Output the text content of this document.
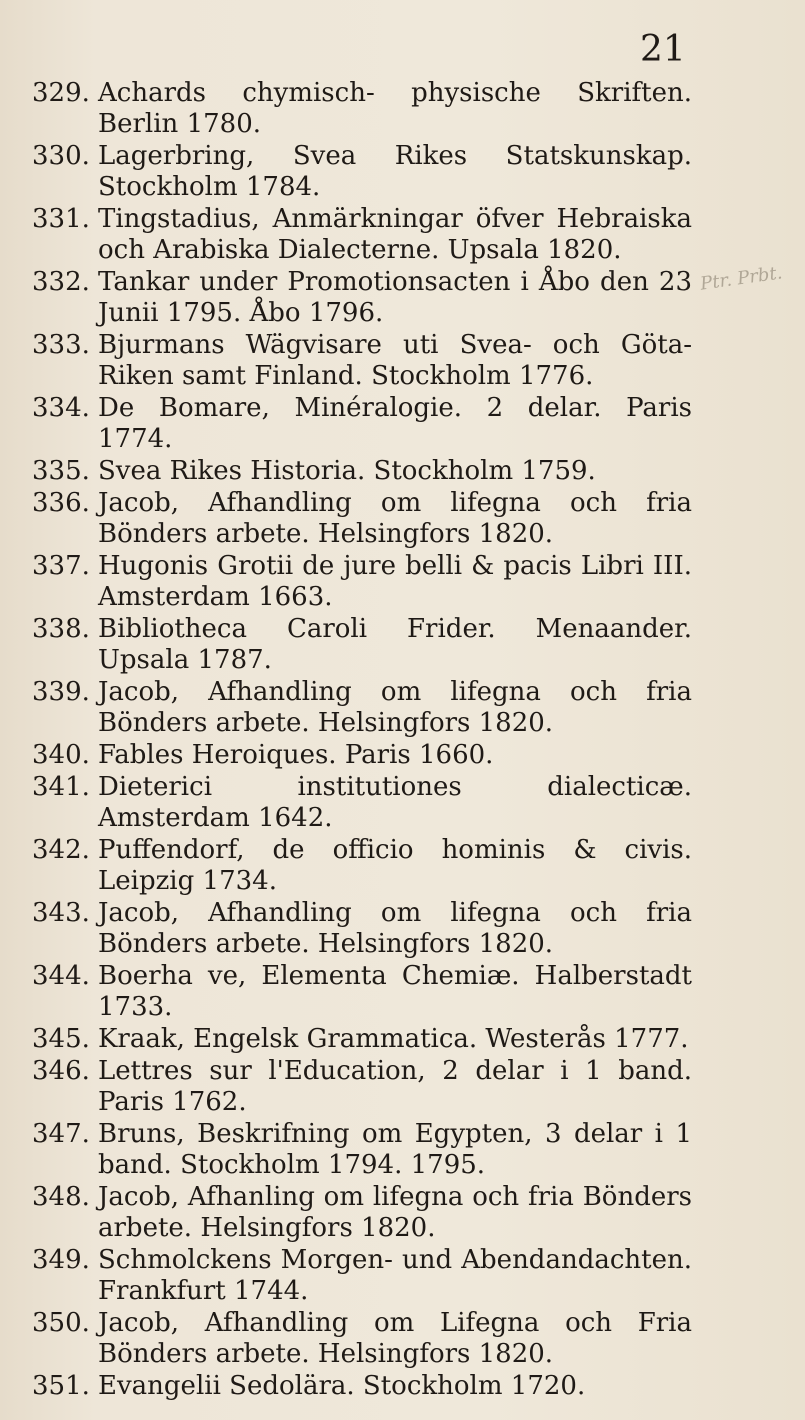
21
Ptr. Prbt.
329. Achards chymisch- physische Skriften. Berlin 1780.
330. Lagerbring, Svea Rikes Statskunskap. Stockholm 1784.
331. Tingstadius, Anmärkningar öfver Hebraiska och Arabiska Dialecterne. Upsala 1820.
332. Tankar under Promotionsacten i Åbo den 23 Junii 1795. Åbo 1796.
333. Bjurmans Wägvisare uti Svea- och Göta- Riken samt Finland. Stockholm 1776.
334. De Bomare, Minéralogie. 2 delar. Paris 1774.
335. Svea Rikes Historia. Stockholm 1759.
336. Jacob, Afhandling om lifegna och fria Bönders arbete. Helsingfors 1820.
337. Hugonis Grotii de jure belli & pacis Libri III. Amsterdam 1663.
338. Bibliotheca Caroli Frider. Menaander. Upsala 1787.
339. Jacob, Afhandling om lifegna och fria Bönders arbete. Helsingfors 1820.
340. Fables Heroiques. Paris 1660.
341. Dieterici institutiones dialecticæ. Amsterdam 1642.
342. Puffendorf, de officio hominis & civis. Leipzig 1734.
343. Jacob, Afhandling om lifegna och fria Bönders arbete. Helsingfors 1820.
344. Boerha ve, Elementa Chemiæ. Halberstadt 1733.
345. Kraak, Engelsk Grammatica. Westerås 1777.
346. Lettres sur l'Education, 2 delar i 1 band. Paris 1762.
347. Bruns, Beskrifning om Egypten, 3 delar i 1 band. Stockholm 1794. 1795.
348. Jacob, Afhanling om lifegna och fria Bönders arbete. Helsingfors 1820.
349. Schmolckens Morgen- und Abendandachten. Frankfurt 1744.
350. Jacob, Afhandling om Lifegna och Fria Bönders arbete. Helsingfors 1820.
351. Evangelii Sedolära. Stockholm 1720.
